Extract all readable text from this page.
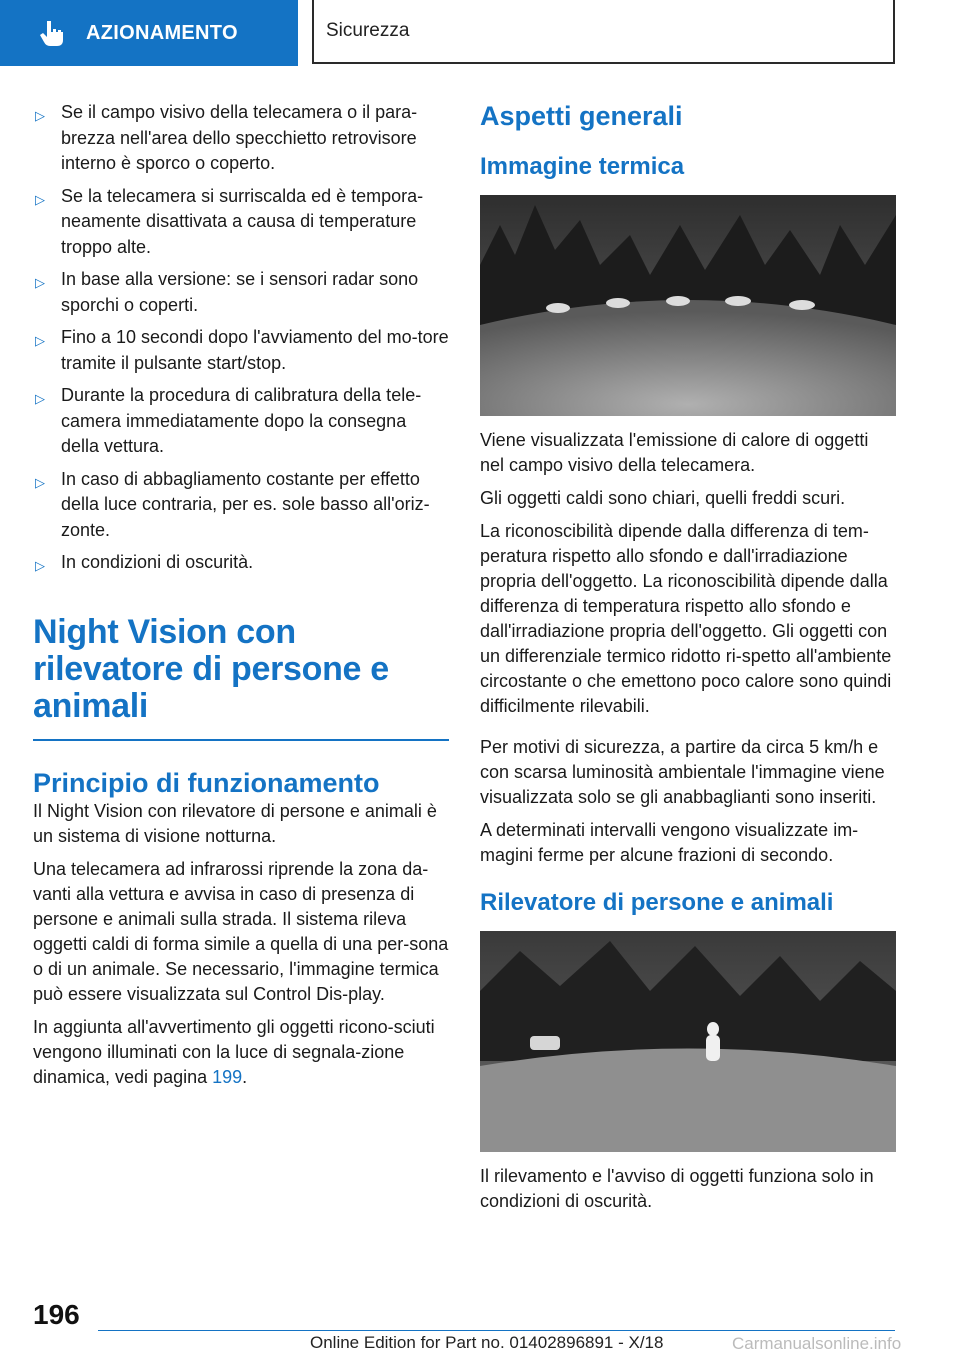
AZIONAMENTO	Sicurezza
▷ Se il campo visivo della telecamera o il para-brezza nell'area dello specchietto retrovisore interno è sporco o coperto.
▷ Se la telecamera si surriscalda ed è tempora-neamente disattivata a causa di temperature troppo alte.
▷ In base alla versione: se i sensori radar sono sporchi o coperti.
▷ Fino a 10 secondi dopo l'avviamento del mo-tore tramite il pulsante start/stop.
▷ Durante la procedura di calibratura della tele-camera immediatamente dopo la consegna della vettura.
▷ In caso di abbagliamento costante per effetto della luce contraria, per es. sole basso all'oriz-zonte.
▷ In condizioni di oscurità.
Night Vision con rilevatore di persone e animali
Principio di funzionamento

Il Night Vision con rilevatore di persone e animali è un sistema di visione notturna.

Una telecamera ad infrarossi riprende la zona da-vanti alla vettura e avvisa in caso di presenza di persone e animali sulla strada. Il sistema rileva oggetti caldi di forma simile a quella di una per-sona o di un animale. Se necessario, l'immagine termica può essere visualizzata sul Control Dis-play.

In aggiunta all'avvertimento gli oggetti ricono-sciuti vengono illuminati con la luce di segnala-zione dinamica, vedi pagina 199.

Aspetti generali
Immagine termica

Viene visualizzata l'emissione di calore di oggetti nel campo visivo della telecamera.

Gli oggetti caldi sono chiari, quelli freddi scuri.

La riconoscibilità dipende dalla differenza di tem-peratura rispetto allo sfondo e dall'irradiazione propria dell'oggetto. La riconoscibilità dipende dalla differenza di temperatura rispetto allo sfondo e dall'irradiazione propria dell'oggetto. Gli oggetti con un differenziale termico ridotto ri-spetto all'ambiente circostante o che emettono poco calore sono quindi difficilmente rilevabili.

Per motivi di sicurezza, a partire da circa 5 km/h e con scarsa luminosità ambientale l'immagine viene visualizzata solo se gli anabbaglianti sono inseriti.

A determinati intervalli vengono visualizzate im-magini ferme per alcune frazioni di secondo.

Rilevatore di persone e animali

Il rilevamento e l'avviso di oggetti funziona solo in condizioni di oscurità.

196
Online Edition for Part no. 01402896891 - X/18	Carmanualsonline.info
